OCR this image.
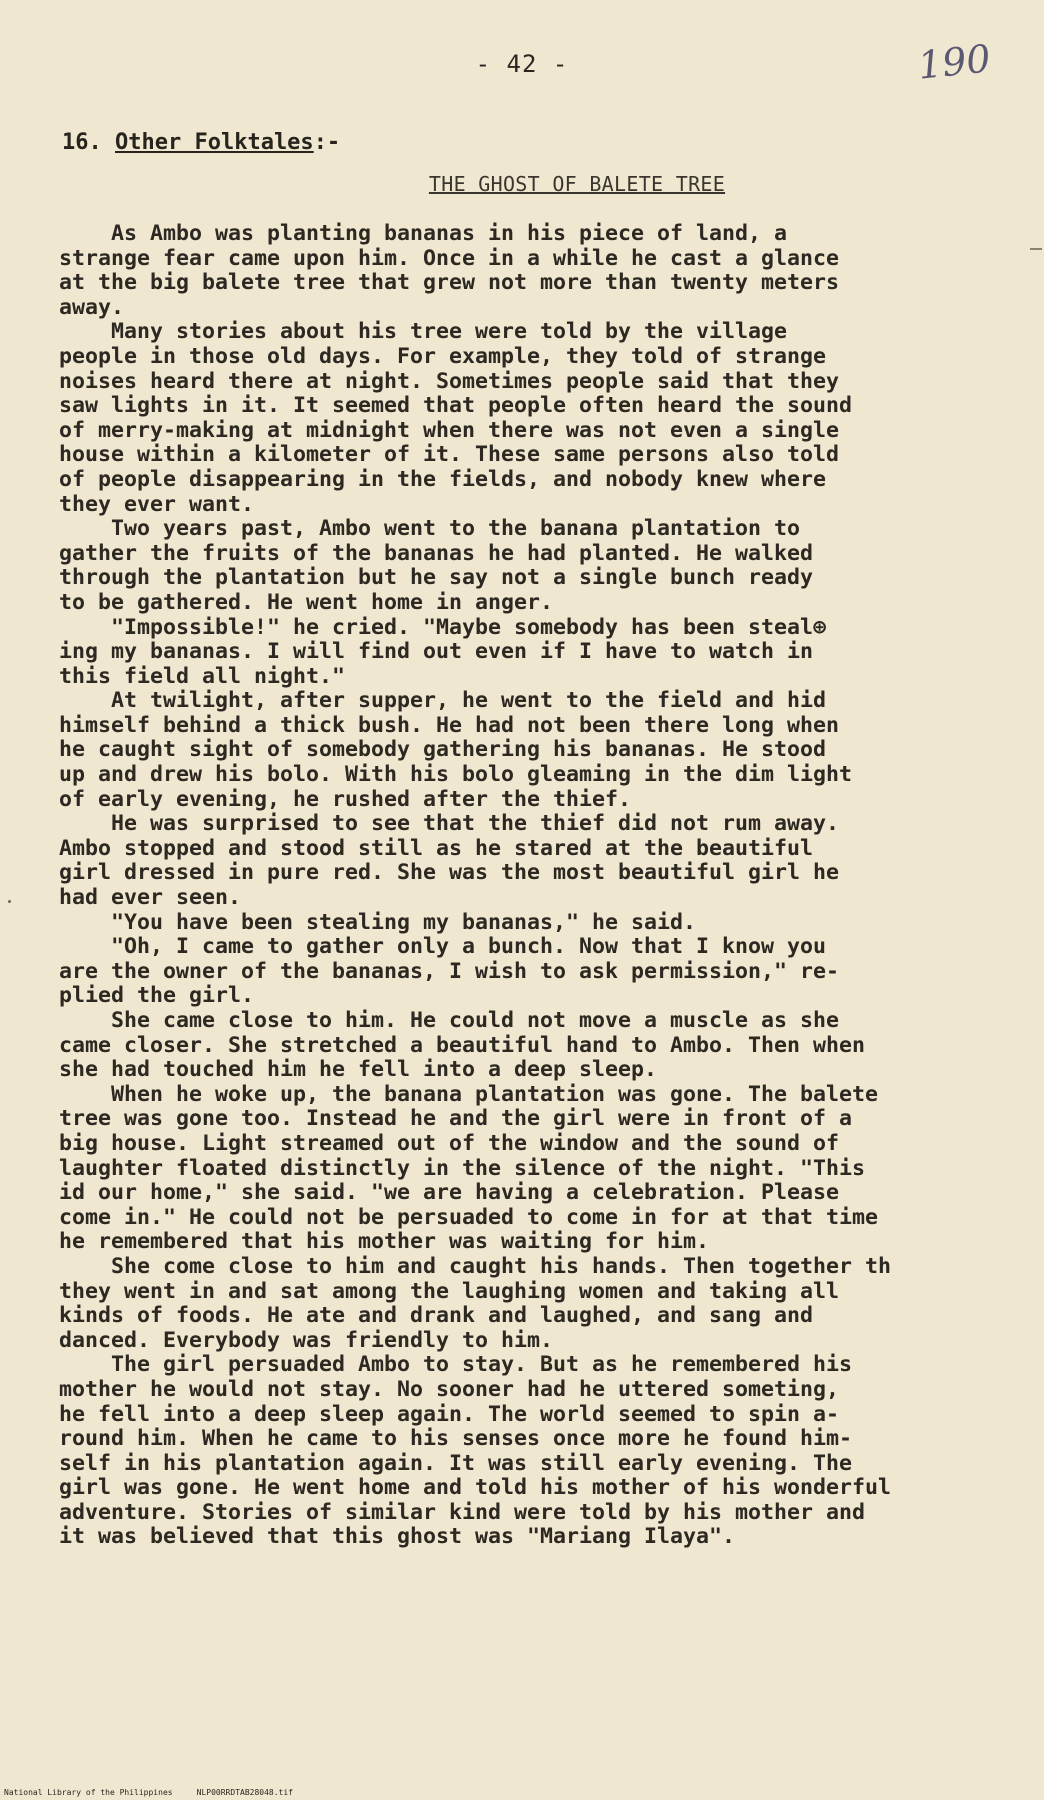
- 42 -	190
16. Other Folktales:-
THE GHOST OF BALETE TREE
As Ambo was planting bananas in his piece of land, a
strange fear came upon him. Once in a while he cast a glance
at the big balete tree that grew not more than twenty meters
away.
Many stories about his tree were told by the village
people in those old days. For example, they told of strange
noises heard there at night. Sometimes people said that they
saw lights in it. It seemed that people often heard the sound
of merry-making at midnight when there was not even a single
house within a kilometer of it. These same persons also told
of people disappearing in the fields, and nobody knew where
they ever want.
Two years past, Ambo went to the banana plantation to
gather the fruits of the bananas he had planted. He walked
through the plantation but he say not a single bunch ready
to be gathered. He went home in anger.
"Impossible!" he cried. "Maybe somebody has been steal⊕
ing my bananas. I will find out even if I have to watch in
this field all night."
At twilight, after supper, he went to the field and hid
himself behind a thick bush. He had not been there long when
he caught sight of somebody gathering his bananas. He stood
up and drew his bolo. With his bolo gleaming in the dim light
of early evening, he rushed after the thief.
He was surprised to see that the thief did not rum away.
Ambo stopped and stood still as he stared at the beautiful
girl dressed in pure red. She was the most beautiful girl he
had ever seen.
"You have been stealing my bananas," he said.
"Oh, I came to gather only a bunch. Now that I know you
are the owner of the bananas, I wish to ask permission," re-
plied the girl.
She came close to him. He could not move a muscle as she
came closer. She stretched a beautiful hand to Ambo. Then when
she had touched him he fell into a deep sleep.
When he woke up, the banana plantation was gone. The balete
tree was gone too. Instead he and the girl were in front of a
big house. Light streamed out of the window and the sound of
laughter floated distinctly in the silence of the night. "This
id our home," she said. "we are having a celebration. Please
come in." He could not be persuaded to come in for at that time
he remembered that his mother was waiting for him.
She come close to him and caught his hands. Then together th
they went in and sat among the laughing women and taking all
kinds of foods. He ate and drank and laughed, and sang and
danced. Everybody was friendly to him.
The girl persuaded Ambo to stay. But as he remembered his
mother he would not stay. No sooner had he uttered someting,
he fell into a deep sleep again. The world seemed to spin a-
round him. When he came to his senses once more he found him-
self in his plantation again. It was still early evening. The
girl was gone. He went home and told his mother of his wonderful
adventure. Stories of similar kind were told by his mother and
it was believed that this ghost was "Mariang Ilaya".
National Library of the Philippines     NLP00RRDTAB28048.tif
